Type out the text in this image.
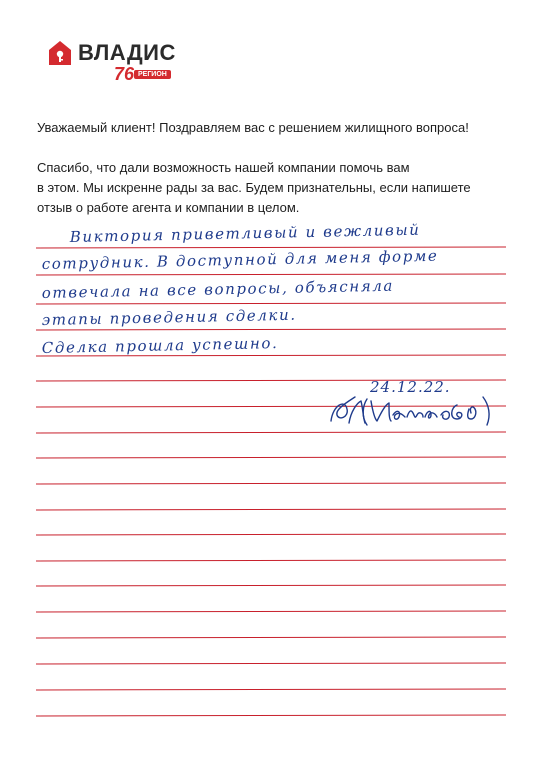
ВЛАДИС
76 РЕГИОН
Уважаемый клиент! Поздравляем вас с решением жилищного вопроса!
Спасибо, что дали возможность нашей компании помочь вам
в этом. Мы искренне рады за вас. Будем признательны, если напишете
отзыв о работе агента и компании в целом.
Виктория приветливый и вежливый
сотрудник. В доступной для меня форме
отвечала на все вопросы, объясняла
этапы проведения сделки.
Сделка прошла успешно.
24.12.22.
